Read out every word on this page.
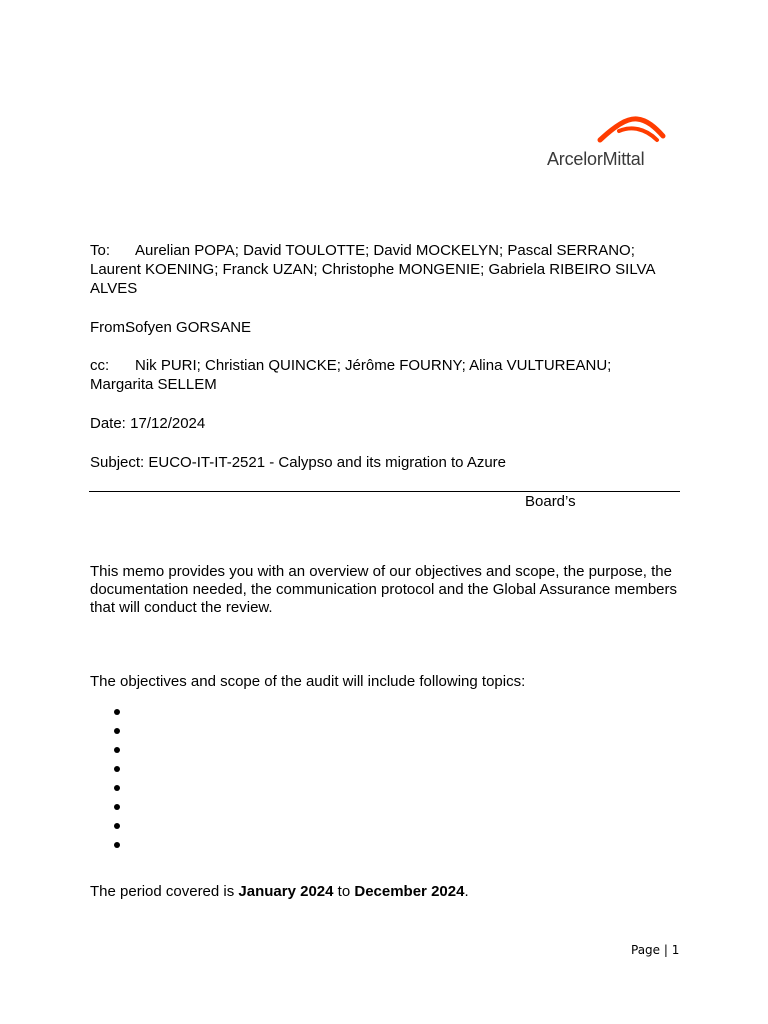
ArcelorMittal
To: Aurelian POPA; David TOULOTTE; David MOCKELYN; Pascal SERRANO;
Laurent KOENING; Franck UZAN; Christophe MONGENIE; Gabriela RIBEIRO SILVA
ALVES
From: Sofyen GORSANE
cc: Nik PURI; Christian QUINCKE; Jérôme FOURNY; Alina VULTUREANU;
Margarita SELLEM
Date: 17/12/2024
Subject: EUCO-IT-IT-2521 - Calypso and its migration to Azure
Board’s
This memo provides you with an overview of our objectives and scope, the purpose, the
documentation needed, the communication protocol and the Global Assurance members
that will conduct the review.
The objectives and scope of the audit will include following topics:
The period covered is January 2024 to December 2024.
Page | 1
